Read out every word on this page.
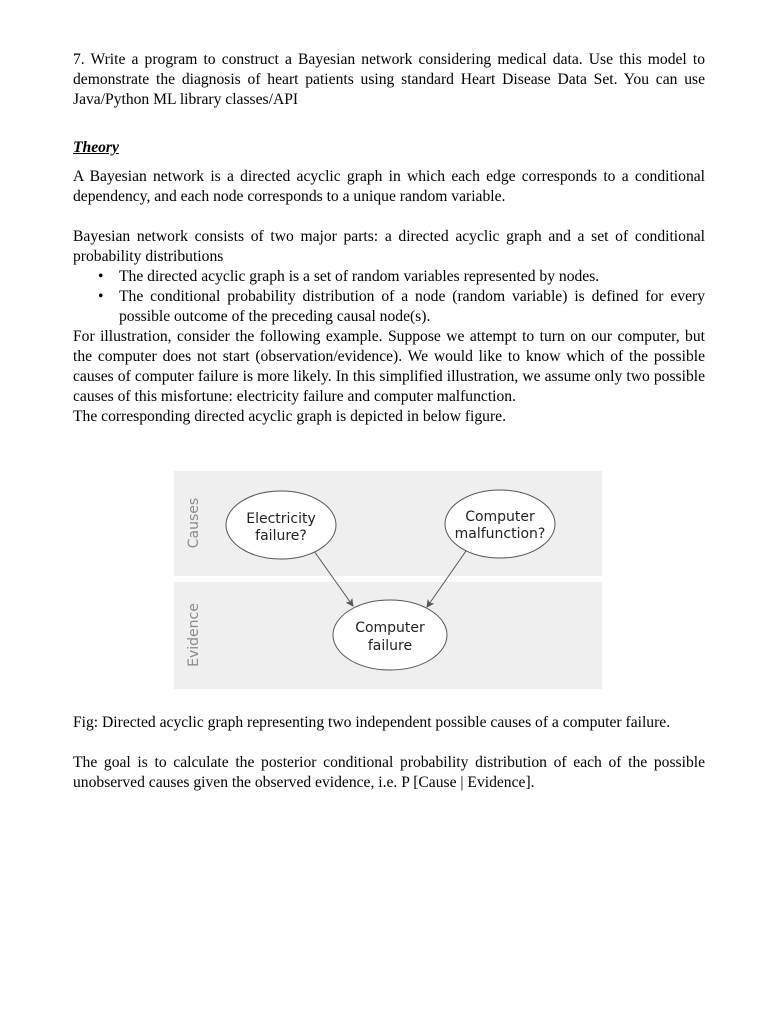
7. Write a program to construct a Bayesian network considering medical data. Use this model to demonstrate the diagnosis of heart patients using standard Heart Disease Data Set. You can use Java/Python ML library classes/API

Theory

A Bayesian network is a directed acyclic graph in which each edge corresponds to a conditional dependency, and each node corresponds to a unique random variable.

Bayesian network consists of two major parts: a directed acyclic graph and a set of conditional probability distributions

• The directed acyclic graph is a set of random variables represented by nodes.
• The conditional probability distribution of a node (random variable) is defined for every possible outcome of the preceding causal node(s).

For illustration, consider the following example. Suppose we attempt to turn on our computer, but the computer does not start (observation/evidence). We would like to know which of the possible causes of computer failure is more likely. In this simplified illustration, we assume only two possible causes of this misfortune: electricity failure and computer malfunction.

The corresponding directed acyclic graph is depicted in below figure.

Causes
Evidence
Electricity
failure?
Computer
malfunction?
Computer
failure

Fig: Directed acyclic graph representing two independent possible causes of a computer failure.

The goal is to calculate the posterior conditional probability distribution of each of the possible unobserved causes given the observed evidence, i.e. P [Cause | Evidence].
